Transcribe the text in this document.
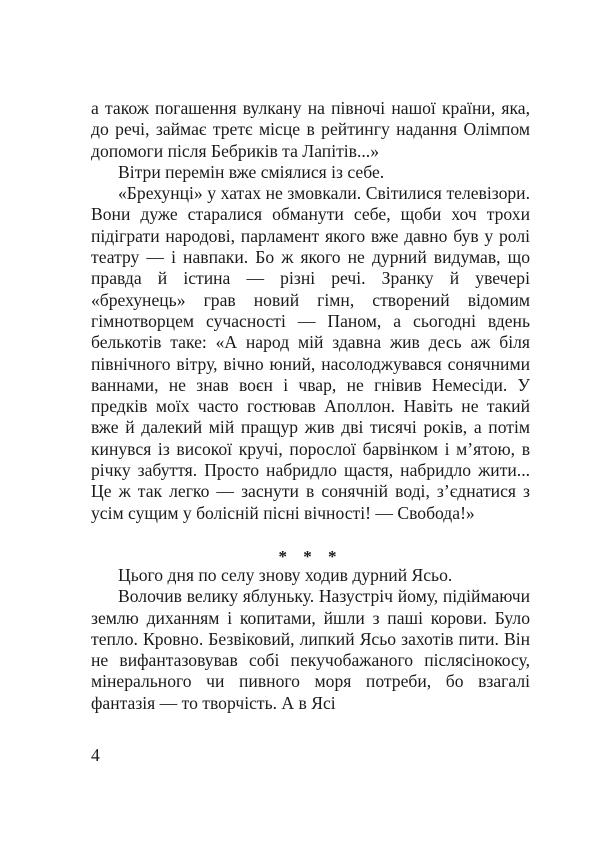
а також погашення вулкану на півночі нашої країни, яка, до речі, займає третє місце в рейтингу надання Олімпом допомоги після Бебриків та Лапітів...»

Вітри перемін вже сміялися із себе.

«Брехунці» у хатах не змовкали. Світилися телевізори. Вони дуже старалися обманути себе, щоби хоч трохи підіграти народові, парламент якого вже давно був у ролі театру — і навпаки. Бо ж якого не дурний видумав, що правда й істина — різні речі. Зранку й увечері «брехунець» грав новий гімн, створений відомим гімнотворцем сучасності — Паном, а сьогодні вдень белькотів таке: «А народ мій здавна жив десь аж біля північного вітру, вічно юний, насолоджувався сонячними ваннами, не знав воєн і чвар, не гнівив Немесіди. У предків моїх часто гостював Аполлон. Навіть не такий вже й далекий мій пращур жив дві тисячі років, а потім кинувся із високої кручі, порослої барвінком і м’ятою, в річку забуття. Просто набридло щастя, набридло жити... Це ж так легко — заснути в сонячній воді, з’єднатися з усім сущим у болісній пісні вічності! — Свобода!»

* * *

Цього дня по селу знову ходив дурний Ясьо.

Волочив велику яблуньку. Назустріч йому, підіймаючи землю диханням і копитами, йшли з паші корови. Було тепло. Кровно. Безвіковий, липкий Ясьо захотів пити. Він не вифантазовував собі пекучобажаного післясінокосу, мінерального чи пивного моря потреби, бо взагалі фантазія — то творчість. А в Ясі

4
